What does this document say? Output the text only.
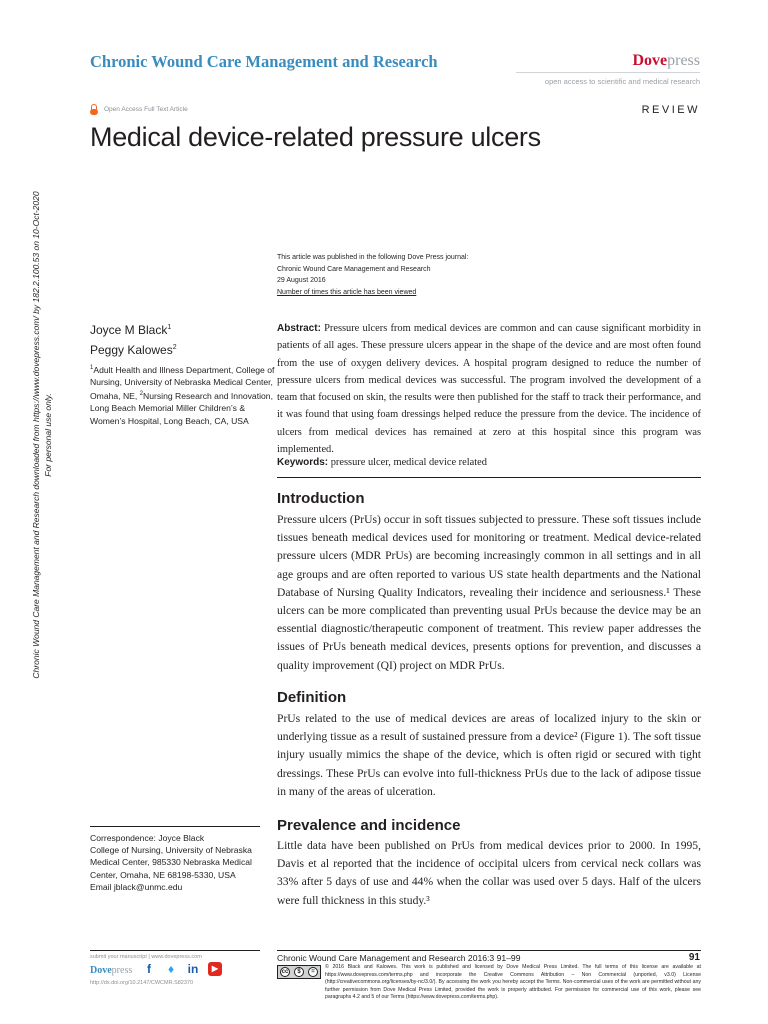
Chronic Wound Care Management and Research	Dovepress
open access to scientific and medical research
Open Access Full Text Article	REVIEW
Medical device-related pressure ulcers
Chronic Wound Care Management and Research downloaded from https://www.dovepress.com/ by 182.2.100.53 on 10-Oct-2020 For personal use only.
This article was published in the following Dove Press journal:
Chronic Wound Care Management and Research
29 August 2016
Number of times this article has been viewed
Joyce M Black$^1$
Peggy Kalowes$^2$
$^1$Adult Health and Illness Department, College of Nursing, University of Nebraska Medical Center, Omaha, NE, $^2$Nursing Research and Innovation, Long Beach Memorial Miller Children’s & Women’s Hospital, Long Beach, CA, USA
Abstract: Pressure ulcers from medical devices are common and can cause significant morbidity in patients of all ages. These pressure ulcers appear in the shape of the device and are most often found from the use of oxygen delivery devices. A hospital program designed to reduce the number of pressure ulcers from medical devices was successful. The program involved the development of a team that focused on skin, the results were then published for the staff to track their performance, and it was found that using foam dressings helped reduce the pressure from the device. The incidence of ulcers from medical devices has remained at zero at this hospital since this program was implemented.
Keywords: pressure ulcer, medical device related
Introduction
Pressure ulcers (PrUs) occur in soft tissues subjected to pressure. These soft tissues include tissues beneath medical devices used for monitoring or treatment. Medical device-related pressure ulcers (MDR PrUs) are becoming increasingly common in all settings and in all age groups and are often reported to various US state health departments and the National Database of Nursing Quality Indicators, revealing their incidence and seriousness.¹ These ulcers can be more complicated than preventing usual PrUs because the device may be an essential diagnostic/therapeutic component of treatment. This review paper addresses the issues of PrUs beneath medical devices, presents options for prevention, and discusses a quality improvement (QI) project on MDR PrUs.
Definition
PrUs related to the use of medical devices are areas of localized injury to the skin or underlying tissue as a result of sustained pressure from a device² (Figure 1). The soft tissue injury usually mimics the shape of the device, which is often rigid or secured with tight dressings. These PrUs can evolve into full-thickness PrUs due to the lack of adipose tissue in many of the areas of ulceration.
Prevalence and incidence
Little data have been published on PrUs from medical devices prior to 2000. In 1995, Davis et al reported that the incidence of occipital ulcers from cervical neck collars was 33% after 5 days of use and 44% when the collar was used over 5 days. Half of the ulcers were full thickness in this study.³
Correspondence: Joyce Black
College of Nursing, University of Nebraska Medical Center, 985330 Nebraska Medical Center, Omaha, NE 68198-5330, USA
Email jblack@unmc.edu
submit your manuscript | www.dovepress.com
Dovepress	f	♦	in	▶
http://dx.doi.org/10.2147/CWCMR.S82370
Chronic Wound Care Management and Research 2016:3 91–99	91
cc	$	=
© 2016 Black and Kalowes. This work is published and licensed by Dove Medical Press Limited. The full terms of this license are available at https://www.dovepress.com/terms.php and incorporate the Creative Commons Attribution – Non Commercial (unported, v3.0) License (http://creativecommons.org/licenses/by-nc/3.0/). By accessing the work you hereby accept the Terms. Non-commercial uses of the work are permitted without any further permission from Dove Medical Press Limited, provided the work is properly attributed. For permission for commercial use of this work, please see paragraphs 4.2 and 5 of our Terms (https://www.dovepress.com/terms.php).
